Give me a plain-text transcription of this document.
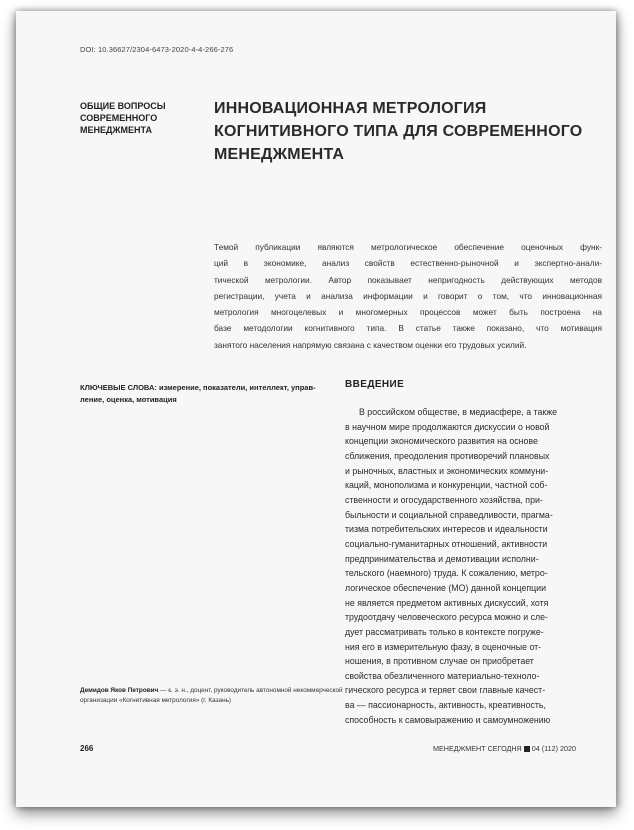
DOI: 10.36627/2304-6473-2020-4-4-266-276
ОБЩИЕ ВОПРОСЫ
СОВРЕМЕННОГО
МЕНЕДЖМЕНТА
ИННОВАЦИОННАЯ МЕТРОЛОГИЯ
КОГНИТИВНОГО ТИПА ДЛЯ СОВРЕМЕННОГО
МЕНЕДЖМЕНТА
Темой публикации являются метрологическое обеспечение оценочных функ-
ций в экономике, анализ свойств естественно-рыночной и экспертно-анали-
тической метрологии. Автор показывает непригодность действующих методов
регистрации, учета и анализа информации и говорит о том, что инновационная
метрология многоцелевых и многомерных процессов может быть построена на
базе методологии когнитивного типа. В статье также показано, что мотивация
занятого населения напрямую связана с качеством оценки его трудовых усилий.
КЛЮЧЕВЫЕ СЛОВА: измерение, показатели, интеллект, управ-
ление, оценка, мотивация
ВВЕДЕНИЕ
В российском обществе, в медиасфере, а также
в научном мире продолжаются дискуссии о новой
концепции экономического развития на основе
сближения, преодоления противоречий плановых
и рыночных, властных и экономических коммуни-
каций, монополизма и конкуренции, частной соб-
ственности и огосударственного хозяйства, при-
быльности и социальной справедливости, прагма-
тизма потребительских интересов и идеальности
социально-гуманитарных отношений, активности
предпринимательства и демотивации исполни-
тельского (наемного) труда. К сожалению, метро-
логическое обеспечение (МО) данной концепции
не является предметом активных дискуссий, хотя
трудоотдачу человеческого ресурса можно и сле-
дует рассматривать только в контексте погруже-
ния его в измерительную фазу, в оценочные от-
ношения, в противном случае он приобретает
свойства обезличенного материально-техноло-
гического ресурса и теряет свои главные качест-
ва — пассионарность, активность, креативность,
способность к самовыражению и самоумножению
Демидов Яков Петрович — к. э. н., доцент, руководитель автономной некоммерческой
организации «Когнитивная метрология» (г. Казань)
266	МЕНЕДЖМЕНТ СЕГОДНЯ 04 (112) 2020
